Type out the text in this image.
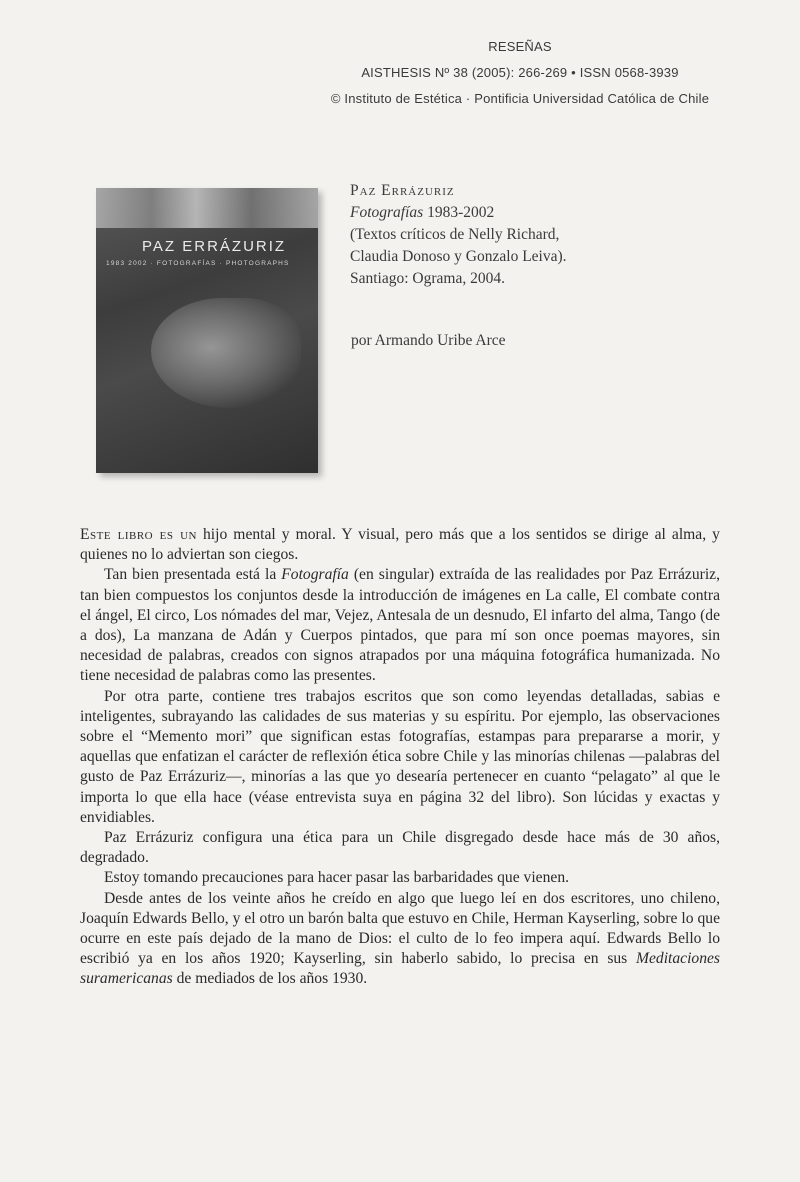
RESEÑAS
AISTHESIS Nº 38 (2005): 266-269 • ISSN 0568-3939
© Instituto de Estética · Pontificia Universidad Católica de Chile
PAZ ERRÁZURIZ
1983 2002 · FOTOGRAFÍAS · PHOTOGRAPHS
Paz Errázuriz
Fotografías 1983-2002
(Textos críticos de Nelly Richard,
Claudia Donoso y Gonzalo Leiva).
Santiago: Ograma, 2004.
por Armando Uribe Arce

Este libro es un hijo mental y moral. Y visual, pero más que a los sentidos se dirige al alma, y quienes no lo adviertan son ciegos.

Tan bien presentada está la Fotografía (en singular) extraída de las realidades por Paz Errázuriz, tan bien compuestos los conjuntos desde la introducción de imágenes en La calle, El combate contra el ángel, El circo, Los nómades del mar, Vejez, Antesala de un desnudo, El infarto del alma, Tango (de a dos), La manzana de Adán y Cuerpos pintados, que para mí son once poemas mayores, sin necesidad de palabras, creados con signos atrapados por una máquina fotográfica humanizada. No tiene necesidad de palabras como las presentes.

Por otra parte, contiene tres trabajos escritos que son como leyendas detalladas, sabias e inteligentes, subrayando las calidades de sus materias y su espíritu. Por ejemplo, las observaciones sobre el “Memento mori” que significan estas fotografías, estampas para prepararse a morir, y aquellas que enfatizan el carácter de reflexión ética sobre Chile y las minorías chilenas —palabras del gusto de Paz Errázuriz—, minorías a las que yo desearía pertenecer en cuanto “pelagato” al que le importa lo que ella hace (véase entrevista suya en página 32 del libro). Son lúcidas y exactas y envidiables.

Paz Errázuriz configura una ética para un Chile disgregado desde hace más de 30 años, degradado.

Estoy tomando precauciones para hacer pasar las barbaridades que vienen.

Desde antes de los veinte años he creído en algo que luego leí en dos escritores, uno chileno, Joaquín Edwards Bello, y el otro un barón balta que estuvo en Chile, Herman Kayserling, sobre lo que ocurre en este país dejado de la mano de Dios: el culto de lo feo impera aquí. Edwards Bello lo escribió ya en los años 1920; Kayserling, sin haberlo sabido, lo precisa en sus Meditaciones suramericanas de mediados de los años 1930.
